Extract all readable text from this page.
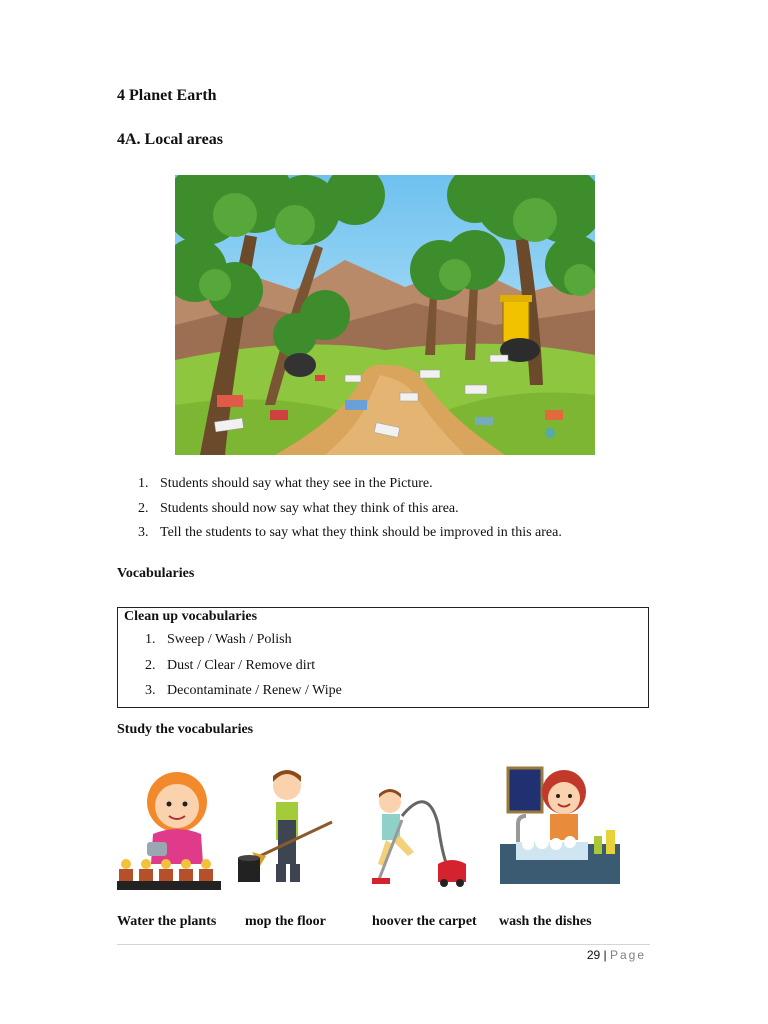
4 Planet Earth
4A. Local areas
1. Students should say what they see in the Picture.
2. Students should now say what they think of this area.
3. Tell the students to say what they think should be improved in this area.
Vocabularies
Clean up vocabularies
1. Sweep / Wash / Polish
2. Dust / Clear / Remove dirt
3. Decontaminate / Renew / Wipe
Study the vocabularies
Water the plants mop the floor	hoover the carpet wash the dishes
29 | Page
